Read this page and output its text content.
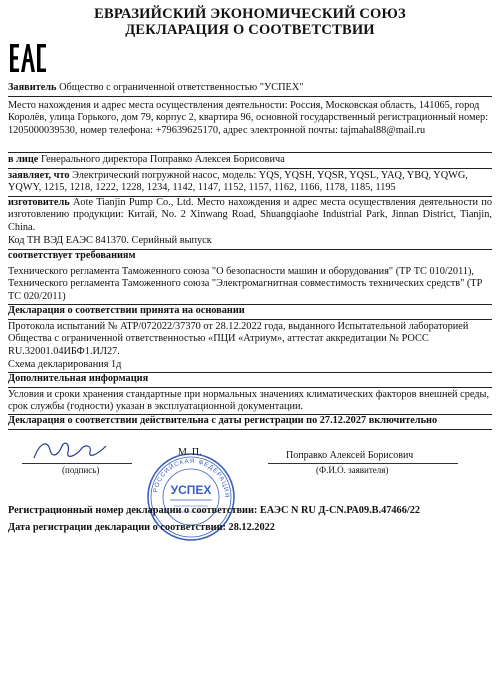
ЕВРАЗИЙСКИЙ ЭКОНОМИЧЕСКИЙ СОЮЗ
ДЕКЛАРАЦИЯ О СООТВЕТСТВИИ
Заявитель Общество с ограниченной ответственностью "УСПЕХ"
Место нахождения и адрес места осуществления деятельности: Россия, Московская область, 141065, город Королёв, улица Горького, дом 79, корпус 2, квартира 96, основной государственный регистрационный номер: 1205000039530, номер телефона: +79639625170, адрес электронной почты: tajmahal88@mail.ru
в лице Генерального директора Поправко Алексея Борисовича
заявляет, что Электрический погружной насос, модель: YQS, YQSH, YQSR, YQSL, YAQ, YBQ, YQWG, YQWY, 1215, 1218, 1222, 1228, 1234, 1142, 1147, 1152, 1157, 1162, 1166, 1178, 1185, 1195
изготовитель Aote Tianjin Pump Co., Ltd. Место нахождения и адрес места осуществления деятельности по изготовлению продукции: Китай, No. 2 Xinwang Road, Shuangqiaohe Industrial Park, Jinnan District, Tianjin, China.
Код ТН ВЭД ЕАЭС 841370. Серийный выпуск
соответствует требованиям
Технического регламента Таможенного союза "О безопасности машин и оборудования" (ТР ТС 010/2011), Технического регламента Таможенного союза "Электромагнитная совместимость технических средств" (ТР ТС 020/2011)
Декларация о соответствии принята на основании
Протокола испытаний № ATP/072022/37370 от 28.12.2022 года, выданного Испытательной лабораторией Общества с ограниченной ответственностью «ПЦИ «Атриум», аттестат аккредитации № РОСС RU.32001.04ИБФ1.ИЛ27.
Схема декларирования 1д
Дополнительная информация
Условия и сроки хранения стандартные при нормальных значениях климатических факторов внешней среды, срок службы (годности) указан в эксплуатационной документации.
Декларация о соответствии действительна с даты регистрации по 27.12.2027 включительно
РОССИЙСКАЯ ФЕДЕРАЦИЯ
УСПЕХ
М. П.
(подпись)
Поправко Алексей Борисович
(Ф.И.О. заявителя)
Регистрационный номер декларации о соответствии: ЕАЭС N RU Д-CN.РА09.В.47466/22
Дата регистрации декларации о соответствии: 28.12.2022
